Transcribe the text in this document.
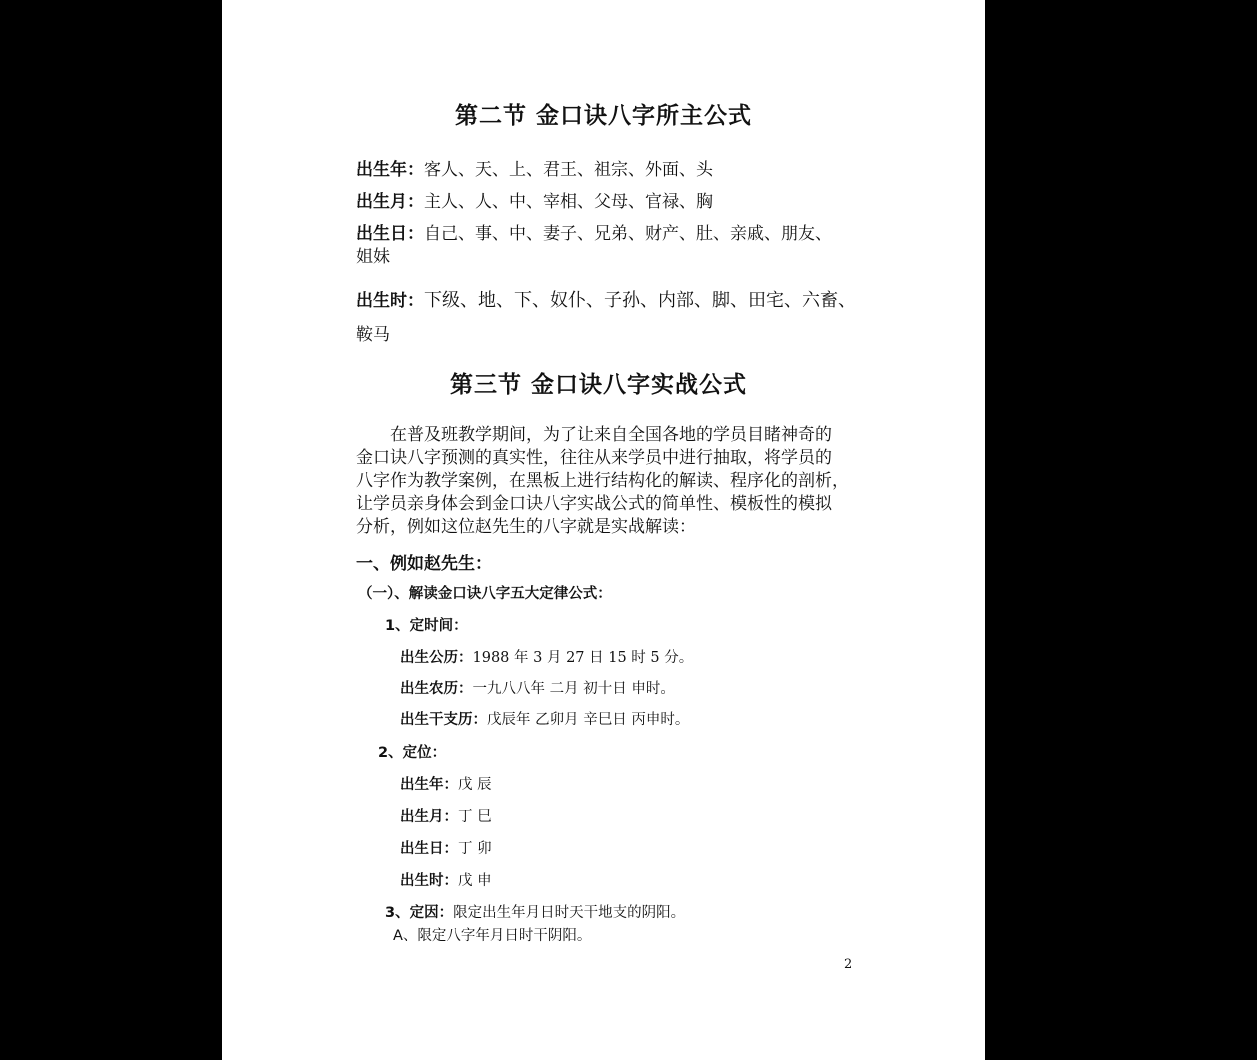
第二节 金口诀八字所主公式
出生年：客人、天、上、君王、祖宗、外面、头
出生月：主人、人、中、宰相、父母、官禄、胸
出生日：自己、事、中、妻子、兄弟、财产、肚、亲戚、朋友、
姐妹
出生时：下级、地、下、奴仆、子孙、内部、脚、田宅、六畜、
鞍马
第三节 金口诀八字实战公式
在普及班教学期间，为了让来自全国各地的学员目睹神奇的
金口诀八字预测的真实性，往往从来学员中进行抽取，将学员的
八字作为教学案例，在黑板上进行结构化的解读、程序化的剖析，
让学员亲身体会到金口诀八字实战公式的简单性、模板性的模拟
分析，例如这位赵先生的八字就是实战解读：
一、例如赵先生：
（一）、解读金口诀八字五大定律公式：
1、定时间：
出生公历：1988 年 3 月 27 日 15 时 5 分。
出生农历：一九八八年 二月 初十日 申时。
出生干支历：戊辰年 乙卯月 辛巳日 丙申时。
2、定位：
出生年：戊 辰
出生月：丁 巳
出生日：丁 卯
出生时：戊 申
3、定因：限定出生年月日时天干地支的阴阳。
A、限定八字年月日时干阴阳。
2
